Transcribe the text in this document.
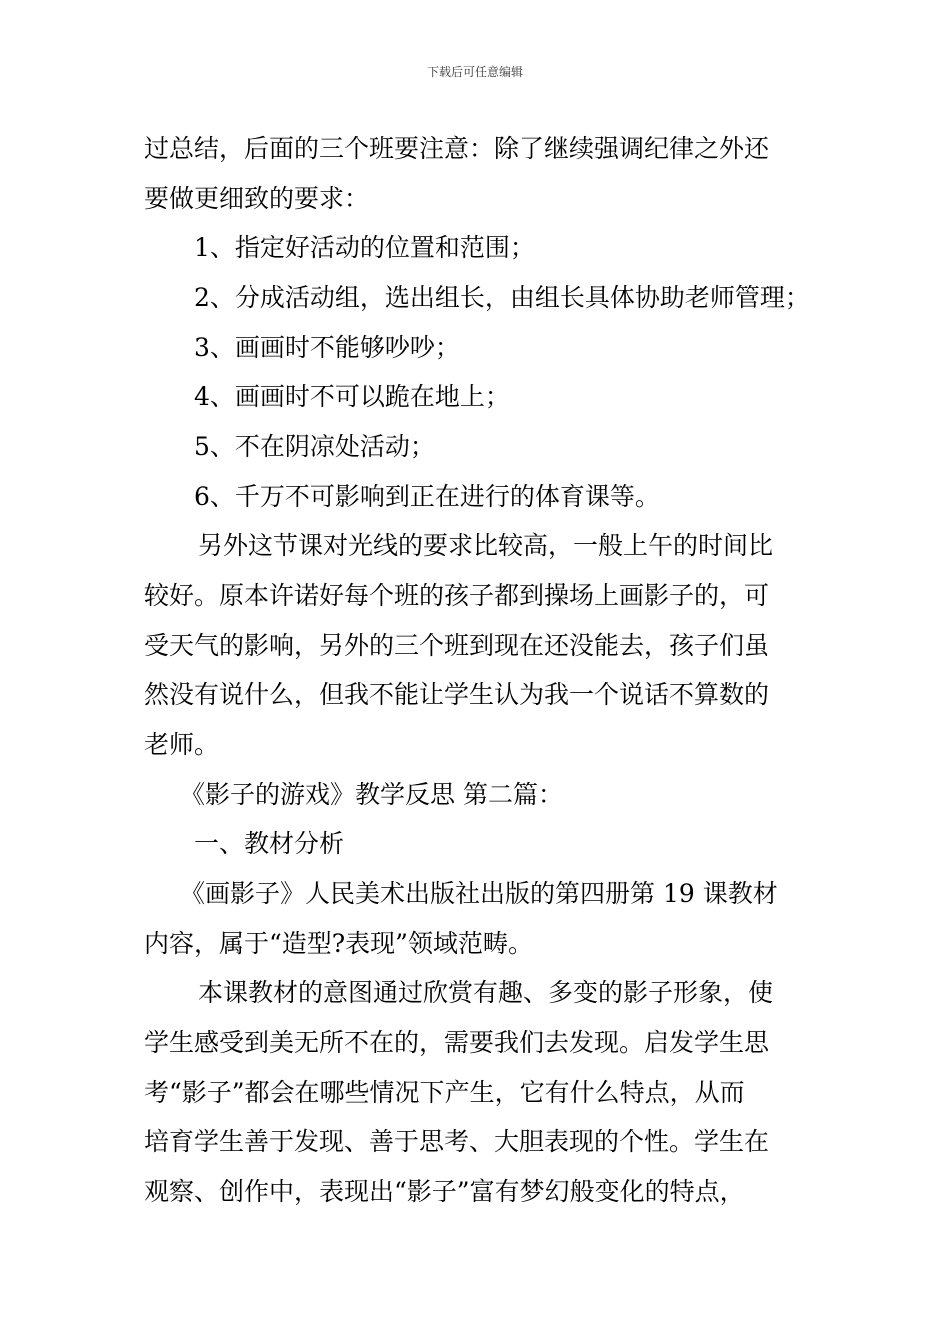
下载后可任意编辑

过总结，后面的三个班要注意：除了继续强调纪律之外还

要做更细致的要求：

1、指定好活动的位置和范围；

2、分成活动组，选出组长，由组长具体协助老师管理；

3、画画时不能够吵吵；

4、画画时不可以跪在地上；

5、不在阴凉处活动；

6、千万不可影响到正在进行的体育课等。

另外这节课对光线的要求比较高，一般上午的时间比

较好。原本许诺好每个班的孩子都到操场上画影子的，可

受天气的影响，另外的三个班到现在还没能去，孩子们虽

然没有说什么，但我不能让学生认为我一个说话不算数的

老师。

《影子的游戏》教学反思 第二篇：

一、教材分析

《画影子》人民美术出版社出版的第四册第 19 课教材

内容，属于“造型?表现”领域范畴。

本课教材的意图通过欣赏有趣、多变的影子形象，使

学生感受到美无所不在的，需要我们去发现。启发学生思

考“影子”都会在哪些情况下产生，它有什么特点，从而

培育学生善于发现、善于思考、大胆表现的个性。学生在

观察、创作中，表现出“影子”富有梦幻般变化的特点，
